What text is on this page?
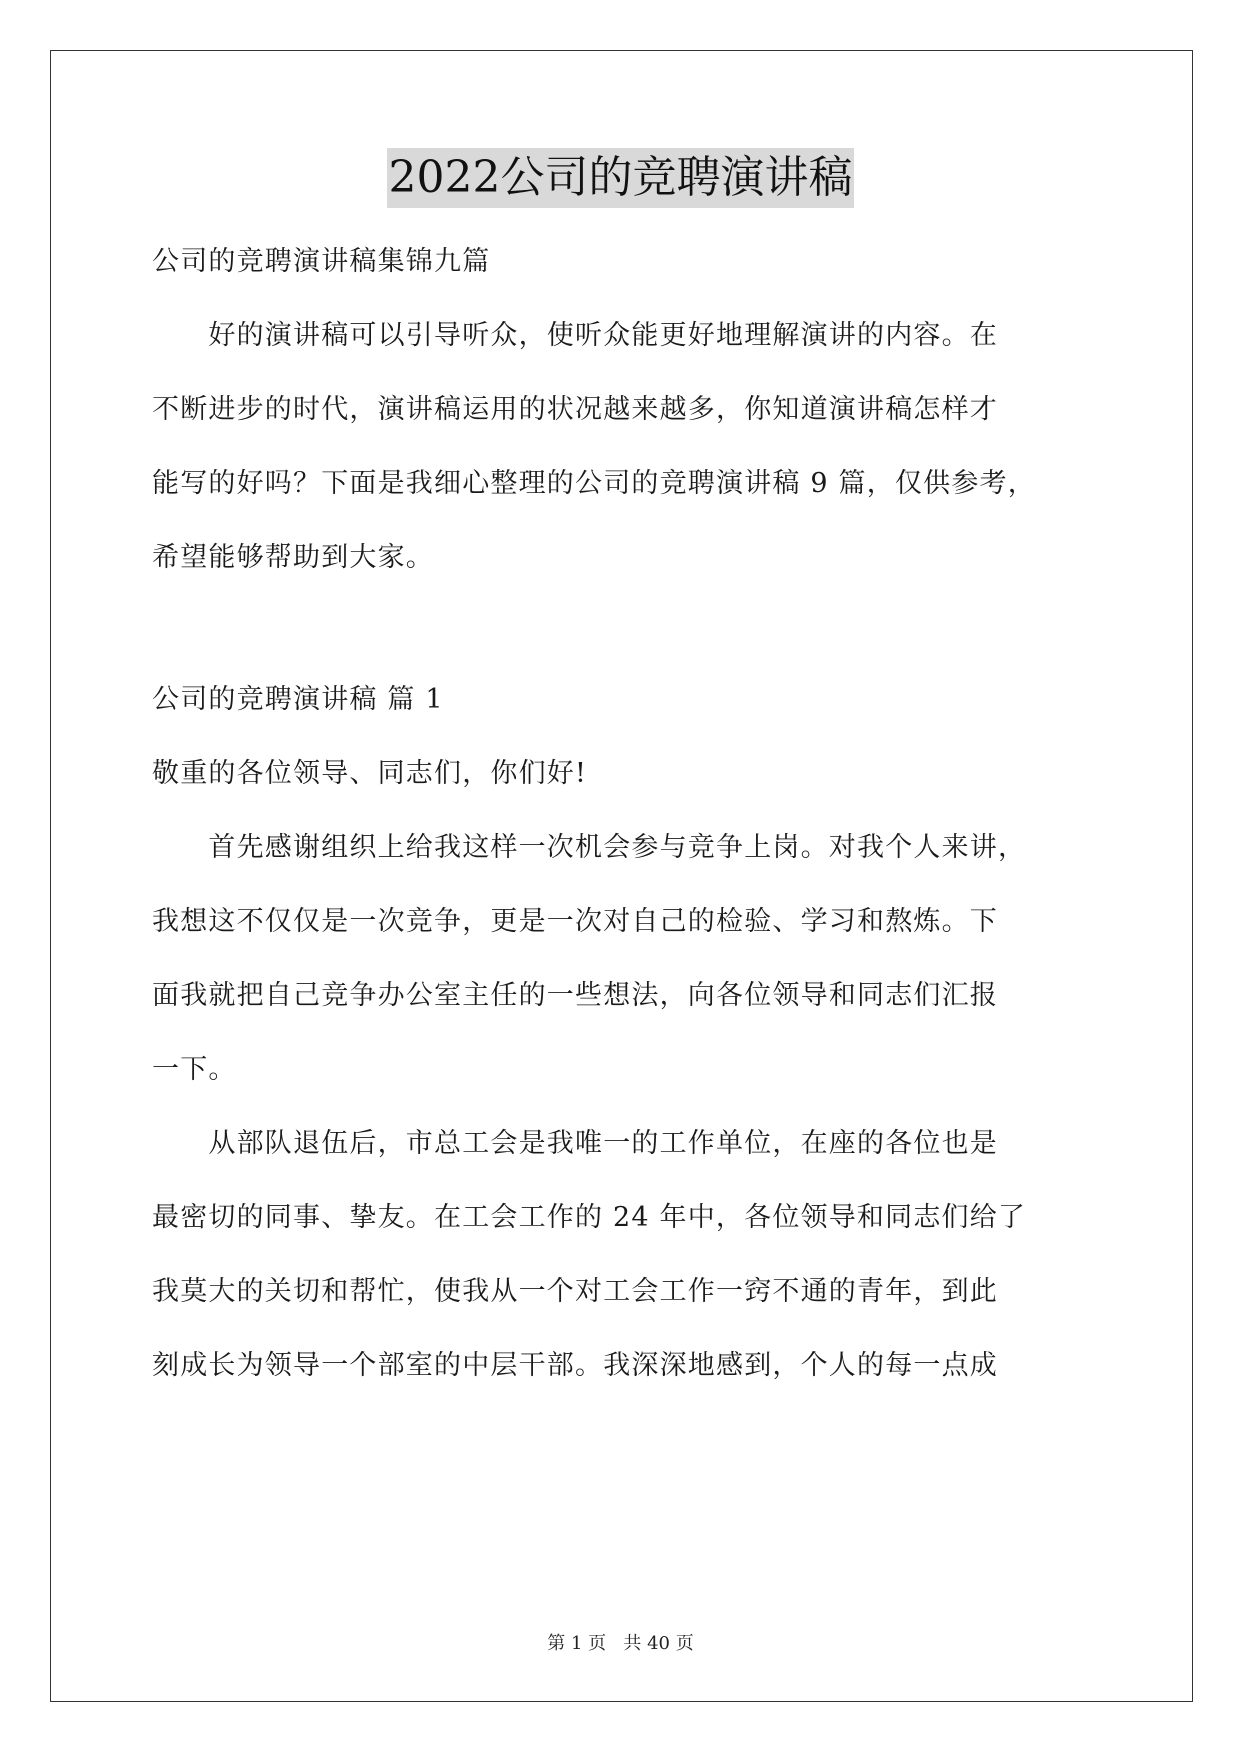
2022公司的竞聘演讲稿
公司的竞聘演讲稿集锦九篇
　　好的演讲稿可以引导听众，使听众能更好地理解演讲的内容。在
不断进步的时代，演讲稿运用的状况越来越多，你知道演讲稿怎样才
能写的好吗？下面是我细心整理的公司的竞聘演讲稿 9 篇，仅供参考，
希望能够帮助到大家。
公司的竞聘演讲稿 篇 1
敬重的各位领导、同志们，你们好!
　　首先感谢组织上给我这样一次机会参与竞争上岗。对我个人来讲，
我想这不仅仅是一次竞争，更是一次对自己的检验、学习和熬炼。下
面我就把自己竞争办公室主任的一些想法，向各位领导和同志们汇报
一下。
　　从部队退伍后，市总工会是我唯一的工作单位，在座的各位也是
最密切的同事、挚友。在工会工作的 24 年中，各位领导和同志们给了
我莫大的关切和帮忙，使我从一个对工会工作一窍不通的青年，到此
刻成长为领导一个部室的中层干部。我深深地感到，个人的每一点成
第 1 页   共 40 页
